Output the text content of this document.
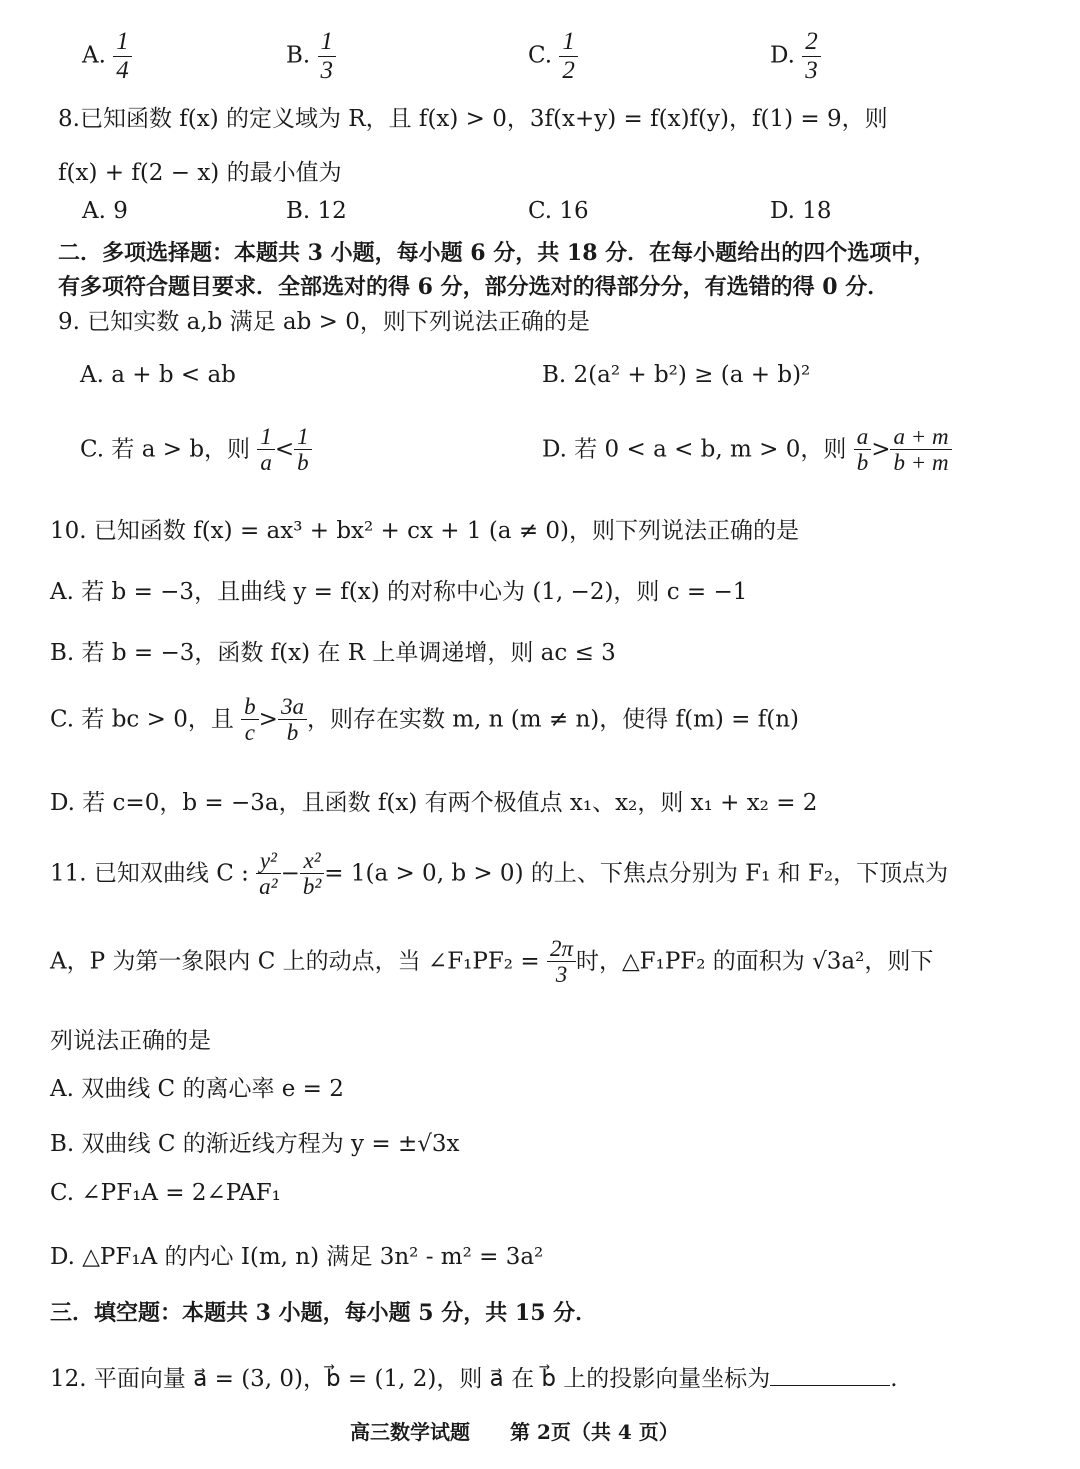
A. $\frac{1}{4}$	B. $\frac{1}{3}$	C. $\frac{1}{2}$	D. $\frac{2}{3}$
8.已知函数 f(x) 的定义域为 R，且 f(x) > 0，3f(x+y) = f(x)f(y)，f(1) = 9，则
f(x) + f(2 − x) 的最小值为
A. 9	B. 12	C. 16	D. 18
二．多项选择题：本题共 3 小题，每小题 6 分，共 18 分．在每小题给出的四个选项中，
有多项符合题目要求．全部选对的得 6 分，部分选对的得部分分，有选错的得 0 分．
9. 已知实数 a,b 满足 ab > 0，则下列说法正确的是
A. a + b < ab	B. 2(a² + b²) ≥ (a + b)²
C. 若 a > b，则 $\frac{1}{a} < \frac{1}{b}$	D. 若 0 < a < b, m > 0，则 $\frac{a}{b} > \frac{a + m}{b + m}$
10. 已知函数 f(x) = ax³ + bx² + cx + 1 (a ≠ 0)，则下列说法正确的是
A. 若 b = −3，且曲线 y = f(x) 的对称中心为 (1, −2)，则 c = −1
B. 若 b = −3，函数 f(x) 在 R 上单调递增，则 ac ≤ 3
C. 若 bc > 0，且 $\frac{b}{c} > \frac{3a}{b}$ ，则存在实数 m, n (m ≠ n)，使得 f(m) = f(n)
D. 若 c=0，b = −3a，且函数 f(x) 有两个极值点 x₁、x₂，则 x₁ + x₂ = 2
11. 已知双曲线 C : $\frac{\text{y²}}{\text{a²}} - \frac{\text{x²}}{\text{b²}} = 1(a > 0$, b > 0) 的上、下焦点分别为 F₁ 和 F₂，下顶点为
A，P 为第一象限内 C 上的动点，当 ∠F₁PF₂ = $\frac{2\pi}{3}$ 时，△F₁PF₂ 的面积为 √3a²，则下
列说法正确的是
A. 双曲线 C 的离心率 e = 2
B. 双曲线 C 的渐近线方程为 y = ±√3x
C. ∠PF₁A = 2∠PAF₁
D. △PF₁A 的内心 I(m, n) 满足 3n² - m² = 3a²
三．填空题：本题共 3 小题，每小题 5 分，共 15 分．
12. 平面向量 a⃗ = (3, 0)，b⃗ = (1, 2)，则 a⃗ 在 b⃗ 上的投影向量坐标为	.
高三数学试题　　第 2页（共 4 页）
